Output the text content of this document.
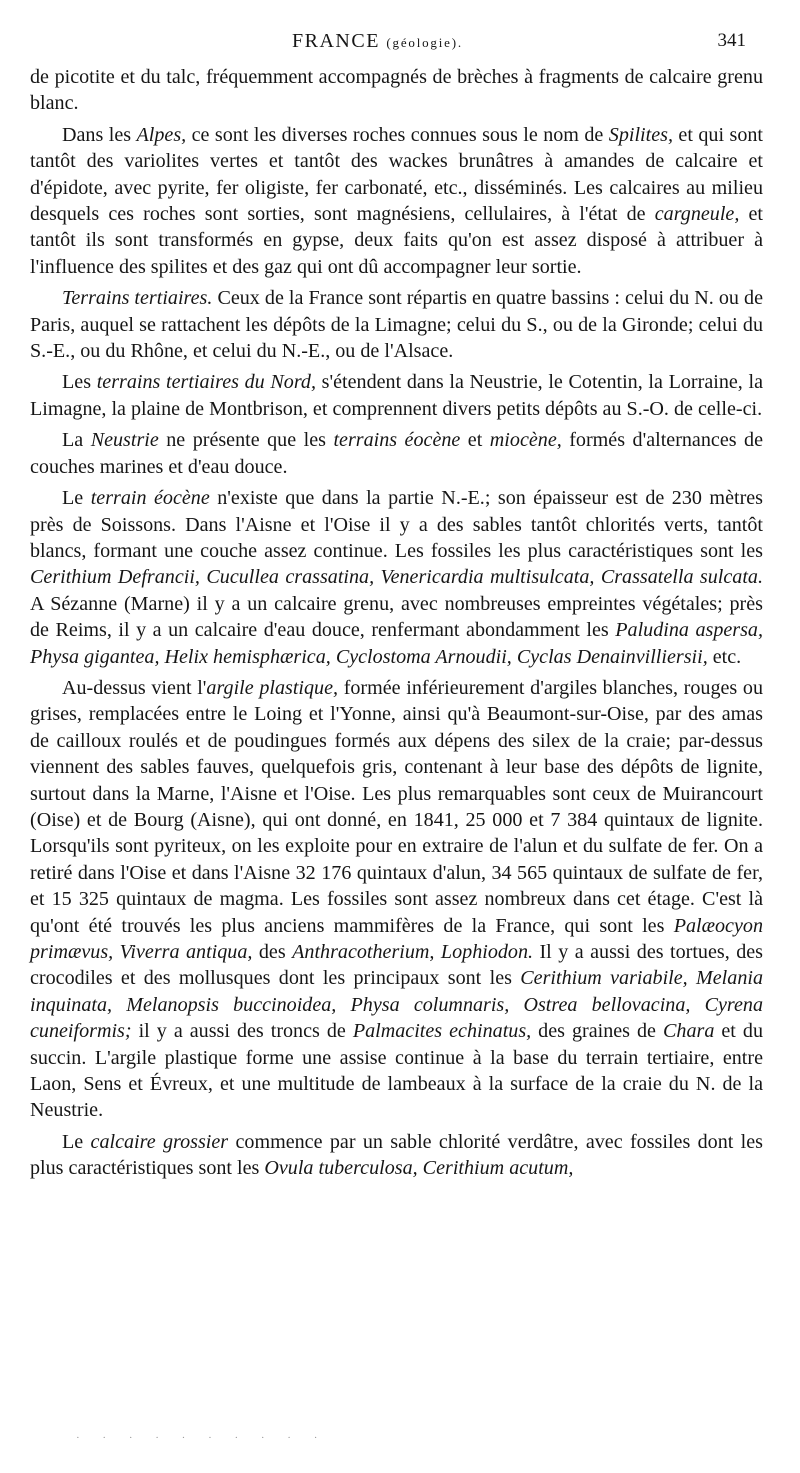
FRANCE (géologie).	341

de picotite et du talc, fréquemment accompagnés de brèches à fragments de calcaire grenu blanc.

Dans les Alpes, ce sont les diverses roches connues sous le nom de Spilites, et qui sont tantôt des variolites vertes et tantôt des wackes brunâtres à amandes de calcaire et d'épidote, avec pyrite, fer oligiste, fer carbonaté, etc., disséminés. Les calcaires au milieu desquels ces roches sont sorties, sont magnésiens, cellulaires, à l'état de cargneule, et tantôt ils sont transformés en gypse, deux faits qu'on est assez disposé à attribuer à l'influence des spilites et des gaz qui ont dû accompagner leur sortie.

Terrains tertiaires. Ceux de la France sont répartis en quatre bassins : celui du N. ou de Paris, auquel se rattachent les dépôts de la Limagne; celui du S., ou de la Gironde; celui du S.-E., ou du Rhône, et celui du N.-E., ou de l'Alsace.

Les terrains tertiaires du Nord, s'étendent dans la Neustrie, le Cotentin, la Lorraine, la Limagne, la plaine de Montbrison, et comprennent divers petits dépôts au S.-O. de celle-ci.

La Neustrie ne présente que les terrains éocène et miocène, formés d'alternances de couches marines et d'eau douce.

Le terrain éocène n'existe que dans la partie N.-E.; son épaisseur est de 230 mètres près de Soissons. Dans l'Aisne et l'Oise il y a des sables tantôt chlorités verts, tantôt blancs, formant une couche assez continue. Les fossiles les plus caractéristiques sont les Cerithium Defrancii, Cucullea crassatina, Venericardia multisulcata, Crassatella sulcata. A Sézanne (Marne) il y a un calcaire grenu, avec nombreuses empreintes végétales; près de Reims, il y a un calcaire d'eau douce, renfermant abondamment les Paludina aspersa, Physa gigantea, Helix hemisphærica, Cyclostoma Arnoudii, Cyclas Denainvilliersii, etc.

Au-dessus vient l'argile plastique, formée inférieurement d'argiles blanches, rouges ou grises, remplacées entre le Loing et l'Yonne, ainsi qu'à Beaumont-sur-Oise, par des amas de cailloux roulés et de poudingues formés aux dépens des silex de la craie; par-dessus viennent des sables fauves, quelquefois gris, contenant à leur base des dépôts de lignite, surtout dans la Marne, l'Aisne et l'Oise. Les plus remarquables sont ceux de Muirancourt (Oise) et de Bourg (Aisne), qui ont donné, en 1841, 25 000 et 7 384 quintaux de lignite. Lorsqu'ils sont pyriteux, on les exploite pour en extraire de l'alun et du sulfate de fer. On a retiré dans l'Oise et dans l'Aisne 32 176 quintaux d'alun, 34 565 quintaux de sulfate de fer, et 15 325 quintaux de magma. Les fossiles sont assez nombreux dans cet étage. C'est là qu'ont été trouvés les plus anciens mammifères de la France, qui sont les Palæocyon primævus, Viverra antiqua, des Anthracotherium, Lophiodon. Il y a aussi des tortues, des crocodiles et des mollusques dont les principaux sont les Cerithium variabile, Melania inquinata, Melanopsis buccinoidea, Physa columnaris, Ostrea bellovacina, Cyrena cuneiformis; il y a aussi des troncs de Palmacites echinatus, des graines de Chara et du succin. L'argile plastique forme une assise continue à la base du terrain tertiaire, entre Laon, Sens et Évreux, et une multitude de lambeaux à la surface de la craie du N. de la Neustrie.

Le calcaire grossier commence par un sable chlorité verdâtre, avec fossiles dont les plus caractéristiques sont les Ovula tuberculosa, Cerithium acutum,

· · · · · · · · · ·
